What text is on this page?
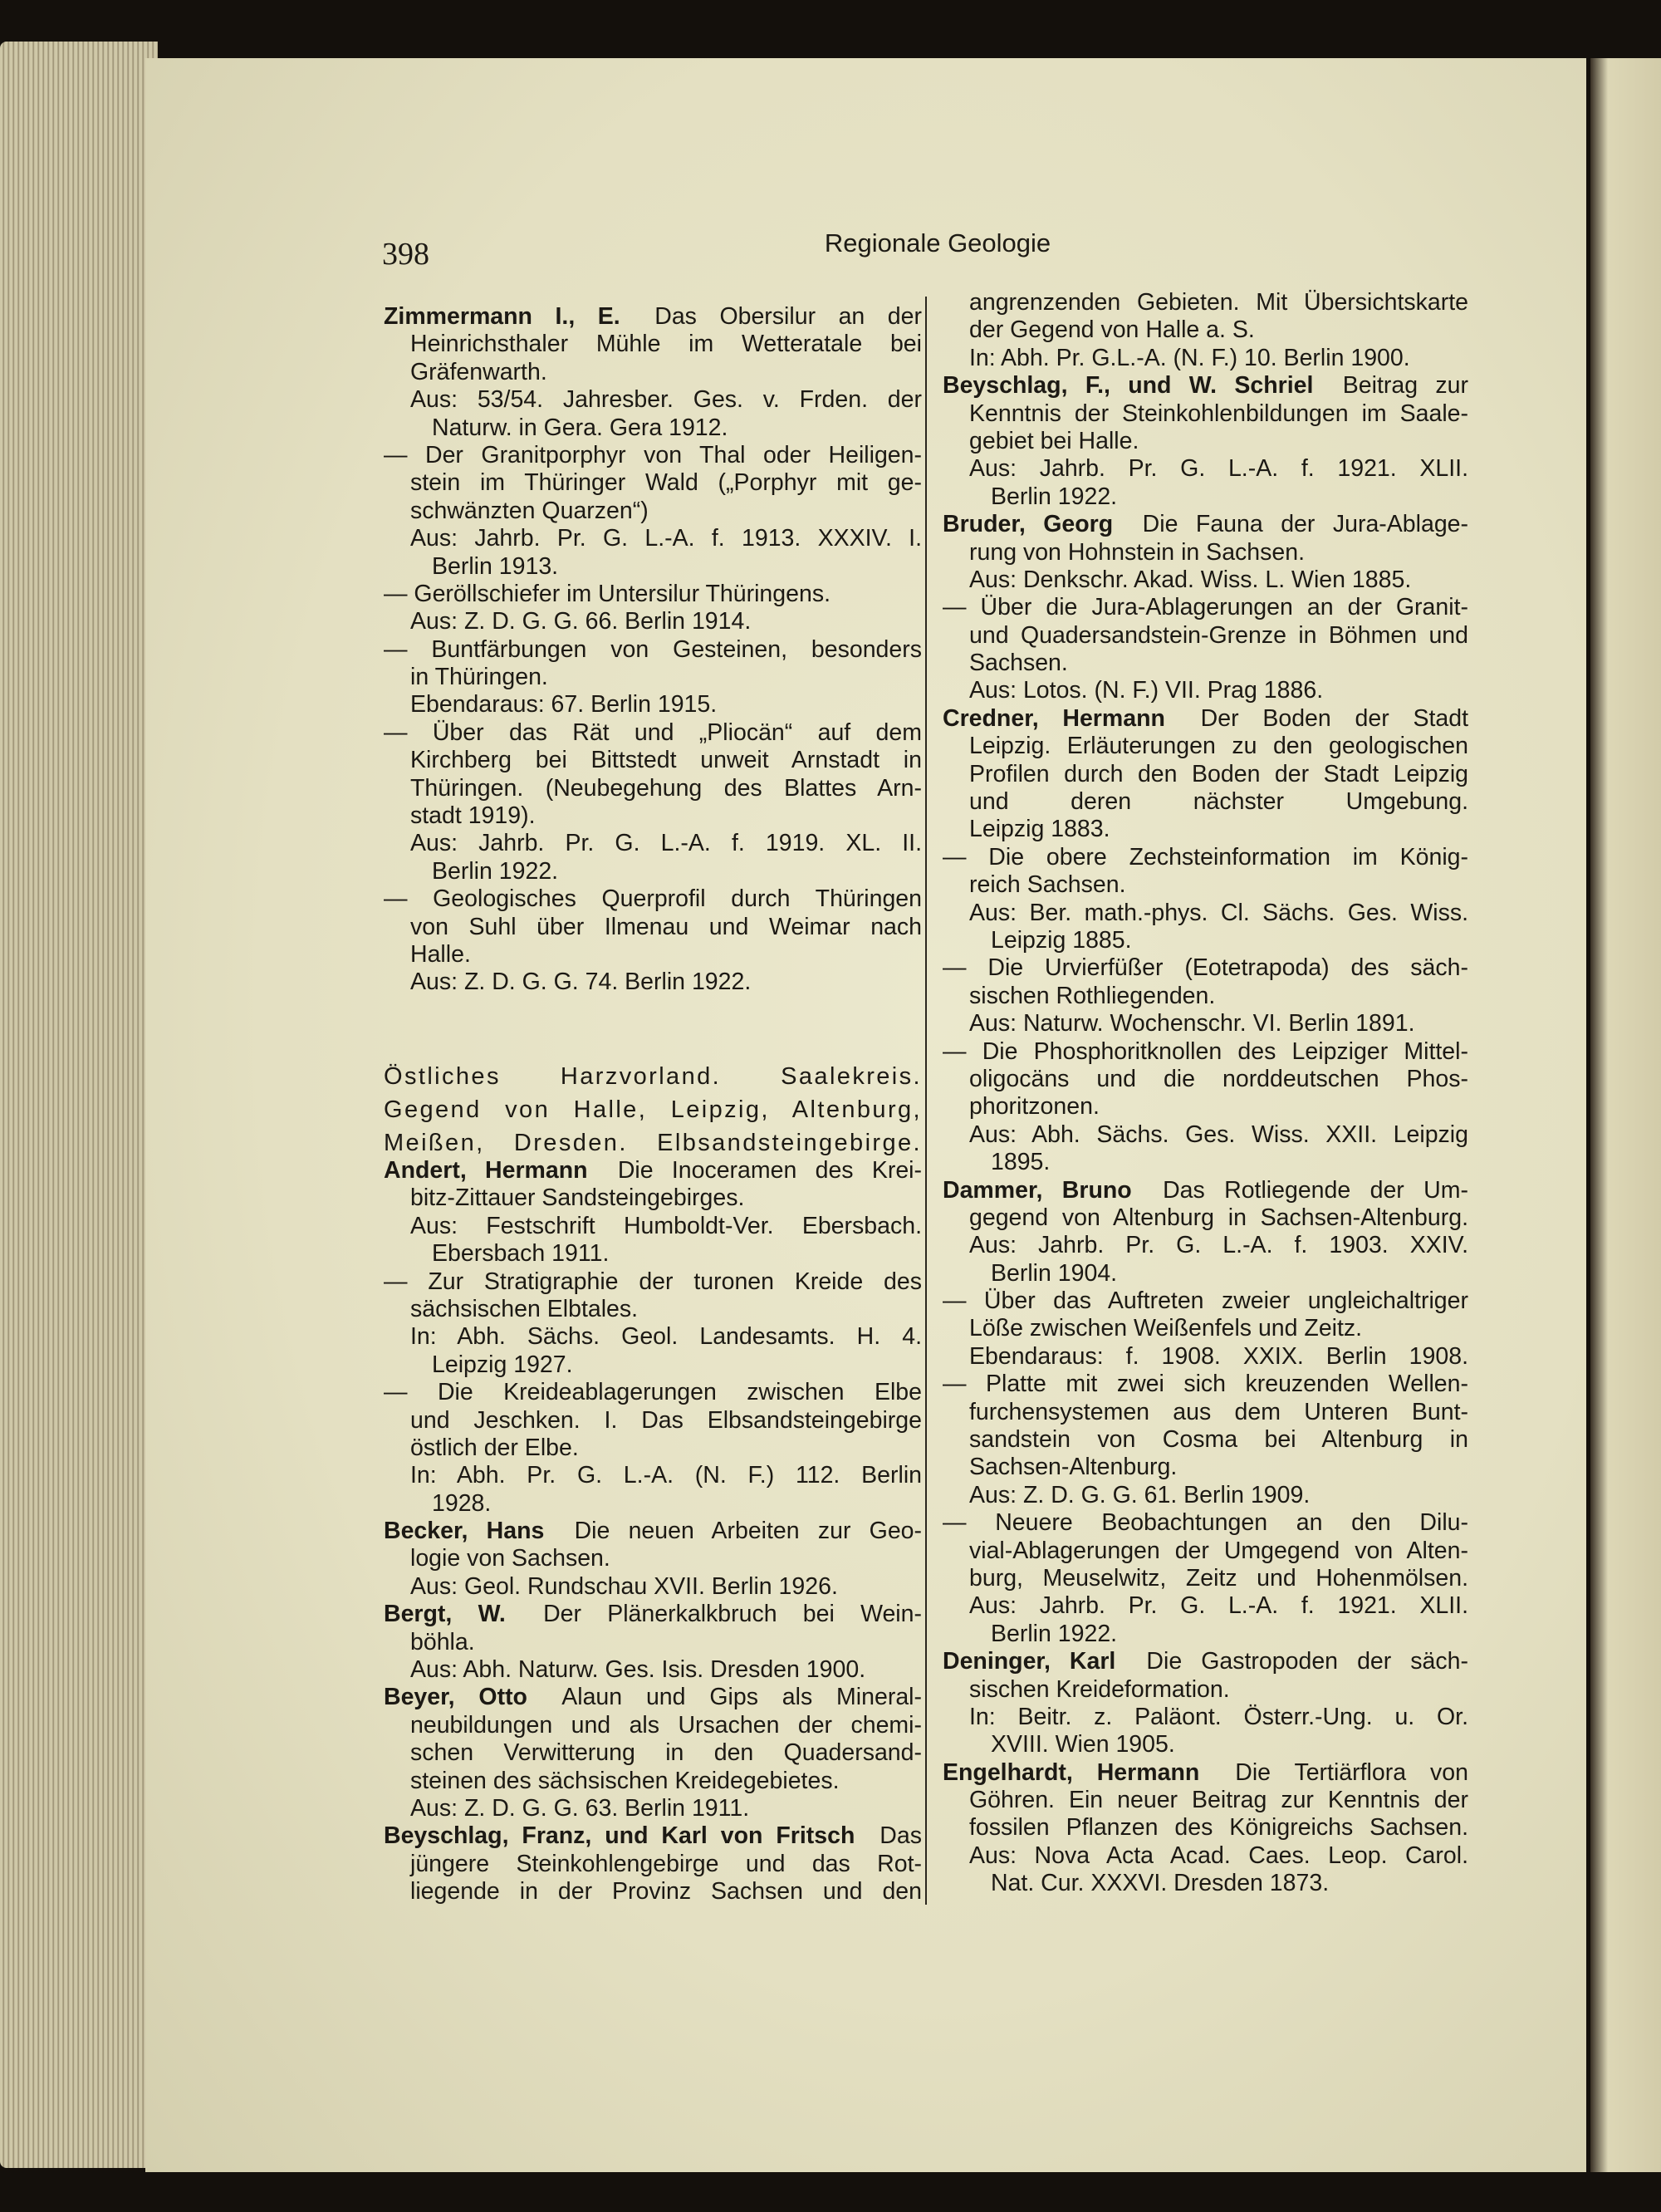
398	Regionale Geologie
Zimmermann I., E. Das Obersilur an der
Heinrichsthaler Mühle im Wetteratale bei
Gräfenwarth.
Aus: 53/54. Jahresber. Ges. v. Frden. der
Naturw. in Gera. Gera 1912.
— Der Granitporphyr von Thal oder Heiligen-
stein im Thüringer Wald („Porphyr mit ge-
schwänzten Quarzen“)
Aus: Jahrb. Pr. G. L.-A. f. 1913. XXXIV. I.
Berlin 1913.
— Geröllschiefer im Untersilur Thüringens.
Aus: Z. D. G. G. 66. Berlin 1914.
— Buntfärbungen von Gesteinen, besonders
in Thüringen.
Ebendaraus: 67. Berlin 1915.
— Über das Rät und „Pliocän“ auf dem
Kirchberg bei Bittstedt unweit Arnstadt in
Thüringen. (Neubegehung des Blattes Arn-
stadt 1919).
Aus: Jahrb. Pr. G. L.-A. f. 1919. XL. II.
Berlin 1922.
— Geologisches Querprofil durch Thüringen
von Suhl über Ilmenau und Weimar nach
Halle.
Aus: Z. D. G. G. 74. Berlin 1922.
Östliches Harzvorland. Saalekreis.
Gegend von Halle, Leipzig, Altenburg,
Meißen, Dresden. Elbsandsteingebirge.
Andert, Hermann Die Inoceramen des Krei-
bitz-Zittauer Sandsteingebirges.
Aus: Festschrift Humboldt-Ver. Ebersbach.
Ebersbach 1911.
— Zur Stratigraphie der turonen Kreide des
sächsischen Elbtales.
In: Abh. Sächs. Geol. Landesamts. H. 4.
Leipzig 1927.
— Die Kreideablagerungen zwischen Elbe
und Jeschken. I. Das Elbsandsteingebirge
östlich der Elbe.
In: Abh. Pr. G. L.-A. (N. F.) 112. Berlin
1928.
Becker, Hans Die neuen Arbeiten zur Geo-
logie von Sachsen.
Aus: Geol. Rundschau XVII. Berlin 1926.
Bergt, W. Der Plänerkalkbruch bei Wein-
böhla.
Aus: Abh. Naturw. Ges. Isis. Dresden 1900.
Beyer, Otto Alaun und Gips als Mineral-
neubildungen und als Ursachen der chemi-
schen Verwitterung in den Quadersand-
steinen des sächsischen Kreidegebietes.
Aus: Z. D. G. G. 63. Berlin 1911.
Beyschlag, Franz, und Karl von Fritsch Das
jüngere Steinkohlengebirge und das Rot-
liegende in der Provinz Sachsen und den
angrenzenden Gebieten. Mit Übersichtskarte
der Gegend von Halle a. S.
In: Abh. Pr. G.L.-A. (N. F.) 10. Berlin 1900.
Beyschlag, F., und W. Schriel Beitrag zur
Kenntnis der Steinkohlenbildungen im Saale-
gebiet bei Halle.
Aus: Jahrb. Pr. G. L.-A. f. 1921. XLII.
Berlin 1922.
Bruder, Georg Die Fauna der Jura-Ablage-
rung von Hohnstein in Sachsen.
Aus: Denkschr. Akad. Wiss. L. Wien 1885.
— Über die Jura-Ablagerungen an der Granit-
und Quadersandstein-Grenze in Böhmen und
Sachsen.
Aus: Lotos. (N. F.) VII. Prag 1886.
Credner, Hermann Der Boden der Stadt
Leipzig. Erläuterungen zu den geologischen
Profilen durch den Boden der Stadt Leipzig
und deren nächster Umgebung.
Leipzig 1883.
— Die obere Zechsteinformation im König-
reich Sachsen.
Aus: Ber. math.-phys. Cl. Sächs. Ges. Wiss.
Leipzig 1885.
— Die Urvierfüßer (Eotetrapoda) des säch-
sischen Rothliegenden.
Aus: Naturw. Wochenschr. VI. Berlin 1891.
— Die Phosphoritknollen des Leipziger Mittel-
oligocäns und die norddeutschen Phos-
phoritzonen.
Aus: Abh. Sächs. Ges. Wiss. XXII. Leipzig
1895.
Dammer, Bruno Das Rotliegende der Um-
gegend von Altenburg in Sachsen-Altenburg.
Aus: Jahrb. Pr. G. L.-A. f. 1903. XXIV.
Berlin 1904.
— Über das Auftreten zweier ungleichaltriger
Löße zwischen Weißenfels und Zeitz.
Ebendaraus: f. 1908. XXIX. Berlin 1908.
— Platte mit zwei sich kreuzenden Wellen-
furchensystemen aus dem Unteren Bunt-
sandstein von Cosma bei Altenburg in
Sachsen-Altenburg.
Aus: Z. D. G. G. 61. Berlin 1909.
— Neuere Beobachtungen an den Dilu-
vial-Ablagerungen der Umgegend von Alten-
burg, Meuselwitz, Zeitz und Hohenmölsen.
Aus: Jahrb. Pr. G. L.-A. f. 1921. XLII.
Berlin 1922.
Deninger, Karl Die Gastropoden der säch-
sischen Kreideformation.
In: Beitr. z. Paläont. Österr.-Ung. u. Or.
XVIII. Wien 1905.
Engelhardt, Hermann Die Tertiärflora von
Göhren. Ein neuer Beitrag zur Kenntnis der
fossilen Pflanzen des Königreichs Sachsen.
Aus: Nova Acta Acad. Caes. Leop. Carol.
Nat. Cur. XXXVI. Dresden 1873.
